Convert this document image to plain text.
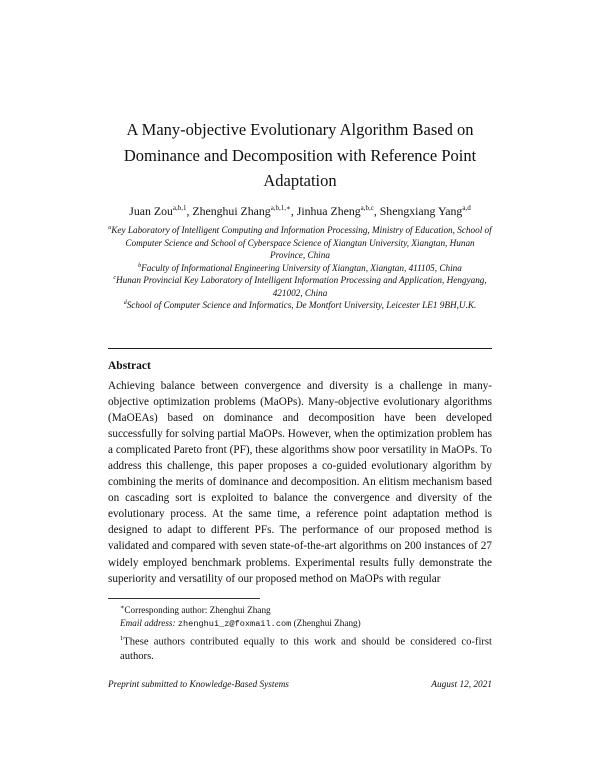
A Many-objective Evolutionary Algorithm Based on Dominance and Decomposition with Reference Point Adaptation
Juan Zou$^{a,b,1}$, Zhenghui Zhang$^{a,b,1,∗}$, Jinhua Zheng$^{a,b,c}$, Shengxiang Yang$^{a,d}$
$^a$Key Laboratory of Intelligent Computing and Information Processing, Ministry of Education, School of Computer Science and School of Cyberspace Science of Xiangtan University, Xiangtan, Hunan Province, China
$^b$Faculty of Informational Engineering University of Xiangtan, Xiangtan, 411105, China
$^c$Hunan Provincial Key Laboratory of Intelligent Information Processing and Application, Hengyang, 421002, China
$^d$School of Computer Science and Informatics, De Montfort University, Leicester LE1 9BH,U.K.
Abstract
Achieving balance between convergence and diversity is a challenge in many-objective optimization problems (MaOPs). Many-objective evolutionary algorithms (MaOEAs) based on dominance and decomposition have been developed successfully for solving partial MaOPs. However, when the optimization problem has a complicated Pareto front (PF), these algorithms show poor versatility in MaOPs. To address this challenge, this paper proposes a co-guided evolutionary algorithm by combining the merits of dominance and decomposition. An elitism mechanism based on cascading sort is exploited to balance the convergence and diversity of the evolutionary process. At the same time, a reference point adaptation method is designed to adapt to different PFs. The performance of our proposed method is validated and compared with seven state-of-the-art algorithms on 200 instances of 27 widely employed benchmark problems. Experimental results fully demonstrate the superiority and versatility of our proposed method on MaOPs with regular
∗Corresponding author: Zhenghui Zhang
Email address: zhenghui_z@foxmail.com (Zhenghui Zhang)
$^1$These authors contributed equally to this work and should be considered co-first authors.
Preprint submitted to Knowledge-Based Systems	August 12, 2021
